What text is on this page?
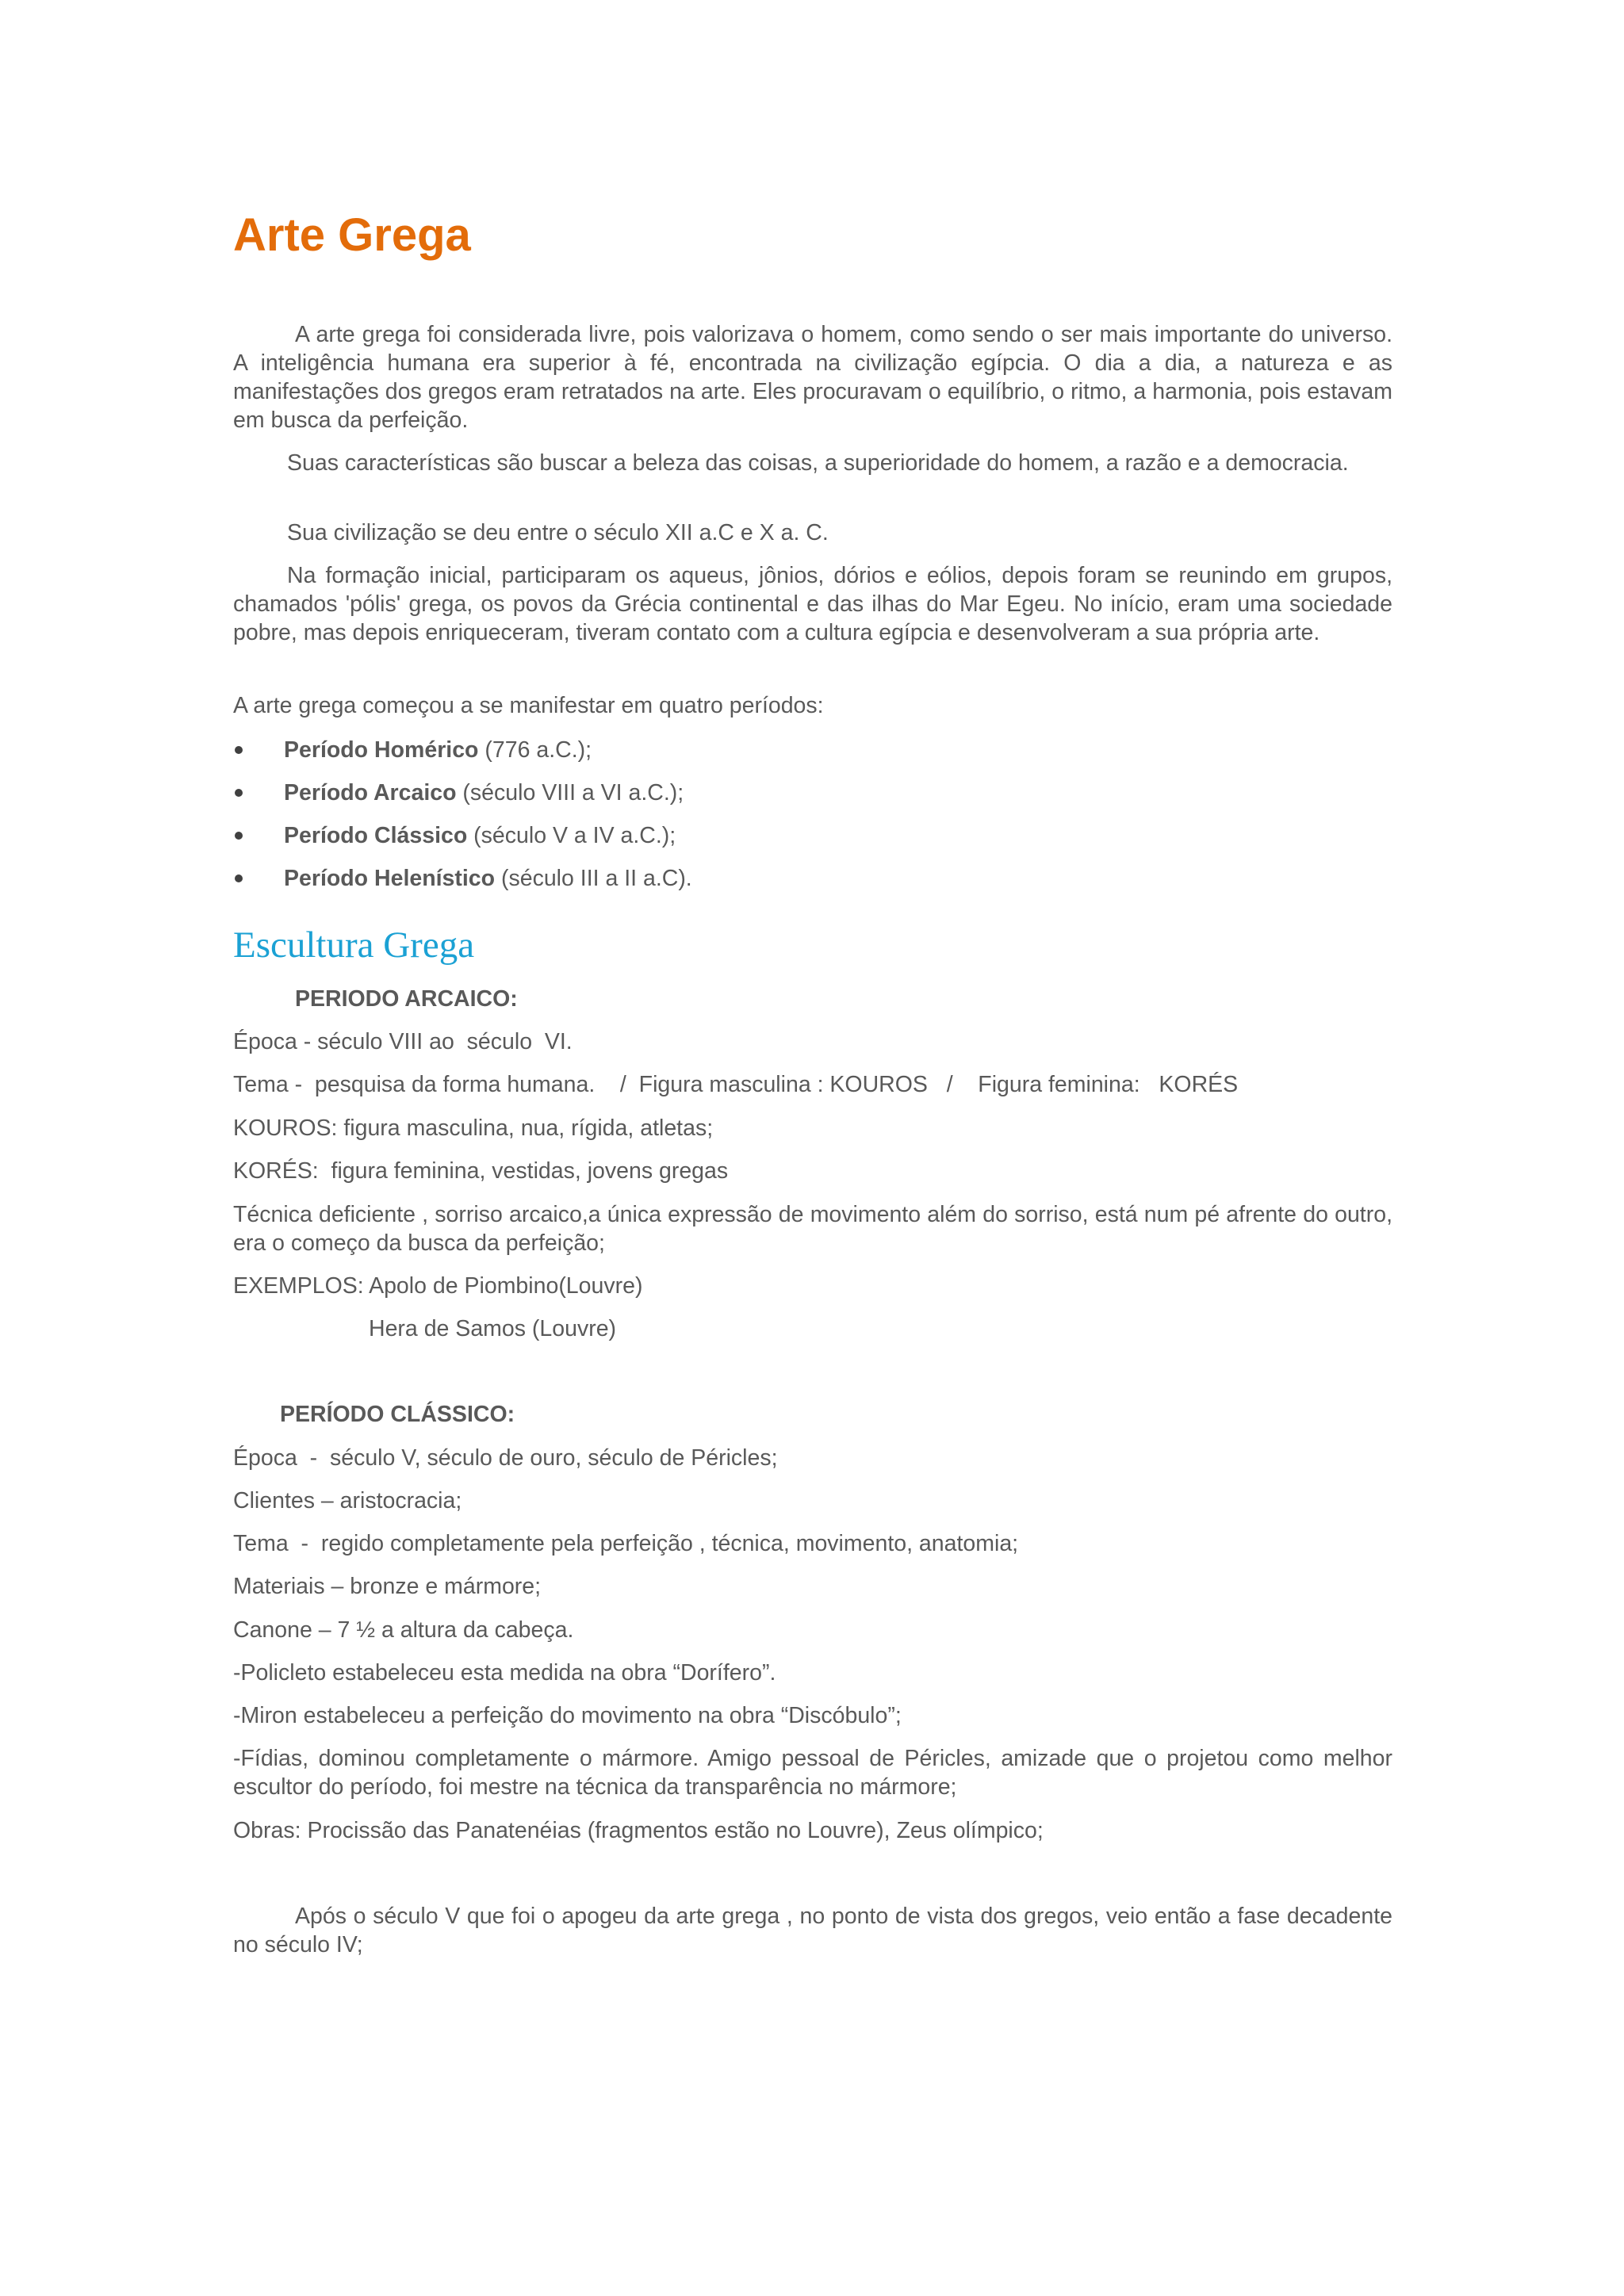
Arte Grega

A arte grega foi considerada livre, pois valorizava o homem, como sendo o ser mais importante do universo. A inteligência humana era superior à fé, encontrada na civilização egípcia. O dia a dia, a natureza e as manifestações dos gregos eram retratados na arte. Eles procuravam o equilíbrio, o ritmo, a harmonia, pois estavam em busca da perfeição.

Suas características são buscar a beleza das coisas, a superioridade do homem, a razão e a democracia.

Sua civilização se deu entre o século XII a.C e X a. C.

Na formação inicial, participaram os aqueus, jônios, dórios e eólios, depois foram se reunindo em grupos, chamados 'pólis' grega, os povos da Grécia continental e das ilhas do Mar Egeu. No início, eram uma sociedade pobre, mas depois enriqueceram, tiveram contato com a cultura egípcia e desenvolveram a sua própria arte.

A arte grega começou a se manifestar em quatro períodos:

Período Homérico (776 a.C.);
Período Arcaico (século VIII a VI a.C.);
Período Clássico (século V a IV a.C.);
Período Helenístico (século III a II a.C).
Escultura Grega
PERIODO ARCAICO:

Época - século VIII ao  século  VI.

Tema -  pesquisa da forma humana.    /  Figura masculina : KOUROS   /    Figura feminina:   KORÉS

KOUROS: figura masculina, nua, rígida, atletas;

KORÉS:  figura feminina, vestidas, jovens gregas

Técnica deficiente , sorriso arcaico,a única expressão de movimento além do sorriso, está num pé afrente do outro, era o começo da busca da perfeição;

EXEMPLOS: Apolo de Piombino(Louvre)

Hera de Samos (Louvre)

PERÍODO CLÁSSICO:

Época  -  século V, século de ouro, século de Péricles;

Clientes – aristocracia;

Tema  -  regido completamente pela perfeição , técnica, movimento, anatomia;

Materiais – bronze e mármore;

Canone – 7 ½ a altura da cabeça.

-Policleto estabeleceu esta medida na obra “Dorífero”.

-Miron estabeleceu a perfeição do movimento na obra “Discóbulo”;

-Fídias, dominou completamente o mármore. Amigo pessoal de Péricles, amizade que o projetou como melhor escultor do período, foi mestre na técnica da transparência no mármore;

Obras: Procissão das Panatenéias (fragmentos estão no Louvre), Zeus olímpico;

Após o século V que foi o apogeu da arte grega , no ponto de vista dos gregos, veio então a fase decadente no século IV;
